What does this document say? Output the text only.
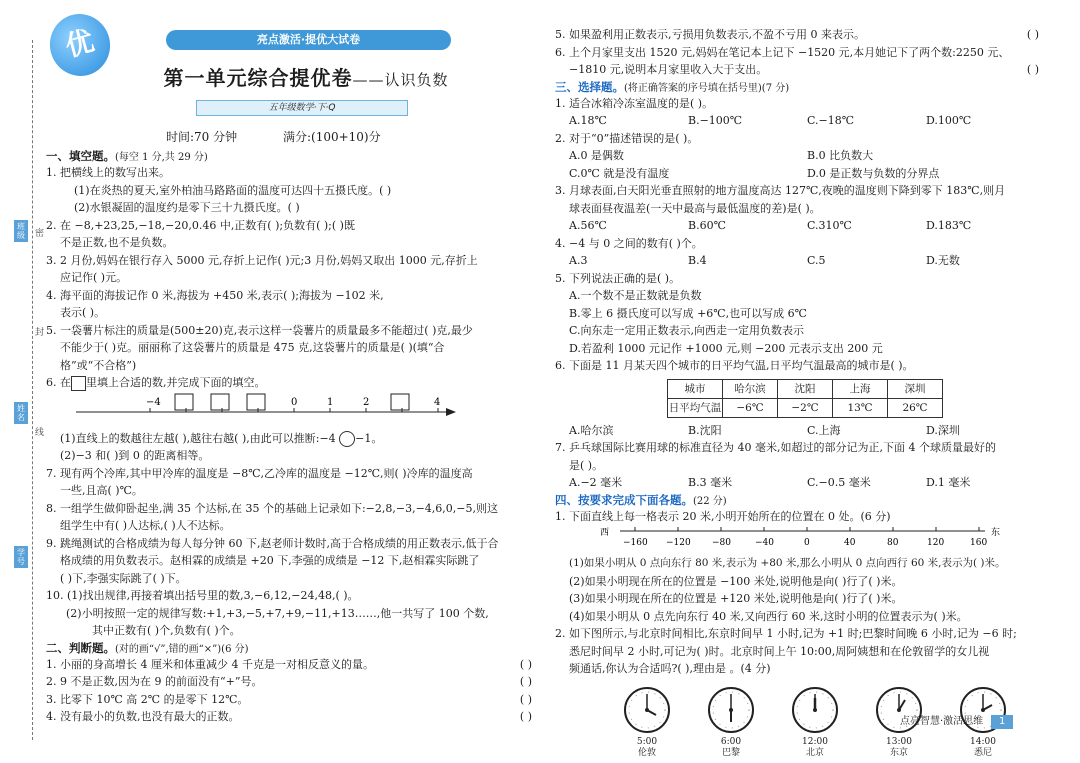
班级	密
封
姓名
线
学号
优	亮点激活·提优大试卷
第一单元综合提优卷——认识负数
五年级数学·下·Q
时间:70 分钟	满分:(100+10)分

一、填空题。(每空 1 分,共 29 分)

1. 把横线上的数写出来。

(1)在炎热的夏天,室外柏油马路路面的温度可达四十五摄氏度。( )

(2)水银凝固的温度约是零下三十九摄氏度。( )

2. 在 −8,+23,25,−18,−20,0.46 中,正数有( );负数有( );( )既

不是正数,也不是负数。

3. 2 月份,妈妈在银行存入 5000 元,存折上记作( )元;3 月份,妈妈又取出 1000 元,存折上

应记作( )元。

4. 海平面的海拔记作 0 米,海拔为 +450 米,表示( );海拔为 −102 米,

表示( )。

5. 一袋薯片标注的质量是(500±20)克,表示这样一袋薯片的质量最多不能超过( )克,最少

不能少于( )克。丽丽称了这袋薯片的质量是 475 克,这袋薯片的质量是( )(填“合

格”或“不合格”)

6. 在 里填上合适的数,并完成下面的填空。

−4	0	1	2	4

(1)直线上的数越往左越( ),越往右越( ),由此可以推断:−4 −1。

(2)−3 和( )到 0 的距离相等。

7. 现有两个冷库,其中甲冷库的温度是 −8℃,乙冷库的温度是 −12℃,则( )冷库的温度高

一些,且高( )℃。

8. 一组学生做仰卧起坐,满 35 个达标,在 35 个的基础上记录如下:−2,8,−3,−4,6,0,−5,则这

组学生中有( )人达标,( )人不达标。

9. 跳绳测试的合格成绩为每人每分钟 60 下,赵老师计数时,高于合格成绩的用正数表示,低于合

格成绩的用负数表示。赵相霖的成绩是 +20 下,李强的成绩是 −12 下,赵相霖实际跳了

( )下,李强实际跳了( )下。

10. (1)找出规律,再接着填出括号里的数,3,−6,12,−24,48,( )。

(2)小明按照一定的规律写数:+1,+3,−5,+7,+9,−11,+13……,他一共写了 100 个数,

其中正数有( )个,负数有( )个。

二、判断题。(对的画“√”,错的画“×”)(6 分)

1. 小丽的身高增长 4 厘米和体重减少 4 千克是一对相反意义的量。	( )

2. 9 不是正数,因为在 9 的前面没有“+”号。	( )

3. 比零下 10℃ 高 2℃ 的是零下 12℃。	( )

4. 没有最小的负数,也没有最大的正数。	( )

5. 如果盈利用正数表示,亏损用负数表示,不盈不亏用 0 来表示。	( )

6. 上个月家里支出 1520 元,妈妈在笔记本上记下 −1520 元,本月她记下了两个数:2250 元、

−1810 元,说明本月家里收入大于支出。	( )

三、选择题。(将正确答案的序号填在括号里)(7 分)

1. 适合冰箱冷冻室温度的是( )。

A.18℃	B.−100℃	C.−18℃	D.100℃

2. 对于“0”描述错误的是( )。

A.0 是偶数	B.0 比负数大
C.0℃ 就是没有温度	D.0 是正数与负数的分界点

3. 月球表面,白天阳光垂直照射的地方温度高达 127℃,夜晚的温度则下降到零下 183℃,则月

球表面昼夜温差(一天中最高与最低温度的差)是( )。

A.56℃	B.60℃	C.310℃	D.183℃

4. −4 与 0 之间的数有( )个。

A.3	B.4	C.5	D.无数

5. 下列说法正确的是( )。

A.一个数不是正数就是负数

B.零上 6 摄氏度可以写成 +6℃,也可以写成 6℃

C.向东走一定用正数表示,向西走一定用负数表示

D.若盈利 1000 元记作 +1000 元,则 −200 元表示支出 200 元

6. 下面是 11 月某天四个城市的日平均气温,日平均气温最高的城市是( )。

城市	哈尔滨	沈阳	上海	深圳
日平均气温	−6℃	−2℃	13℃	26℃
A.哈尔滨	B.沈阳	C.上海	D.深圳

7. 乒乓球国际比赛用球的标准直径为 40 毫米,如超过的部分记为正,下面 4 个球质量最好的

是( )。

A.−2 毫米	B.3 毫米	C.−0.5 毫米	D.1 毫米

四、按要求完成下面各题。(22 分)

1. 下面直线上每一格表示 20 米,小明开始所在的位置在 0 处。(6 分)

−160 −120 −80	−40	0	40	80	120	160
西	东

(1)如果小明从 0 点向东行 80 米,表示为 +80 米,那么小明从 0 点向西行 60 米,表示为( )米。

(2)如果小明现在所在的位置是 −100 米处,说明他是向( )行了( )米。

(3)如果小明现在所在的位置是 +120 米处,说明他是向( )行了( )米。

(4)如果小明从 0 点先向东行 40 米,又向西行 60 米,这时小明的位置表示为( )米。

2. 如下图所示,与北京时间相比,东京时间早 1 小时,记为 +1 时;巴黎时间晚 6 小时,记为 −6 时;

悉尼时间早 2 小时,可记为( )时。北京时间上午 10:00,周阿姨想和在伦敦留学的女儿视

频通话,你认为合适吗?( ),理由是 。(4 分)

5:00
伦敦
6:00
巴黎
12:00
北京
13:00
东京
14:00
悉尼
点亮智慧·激活思维 1
